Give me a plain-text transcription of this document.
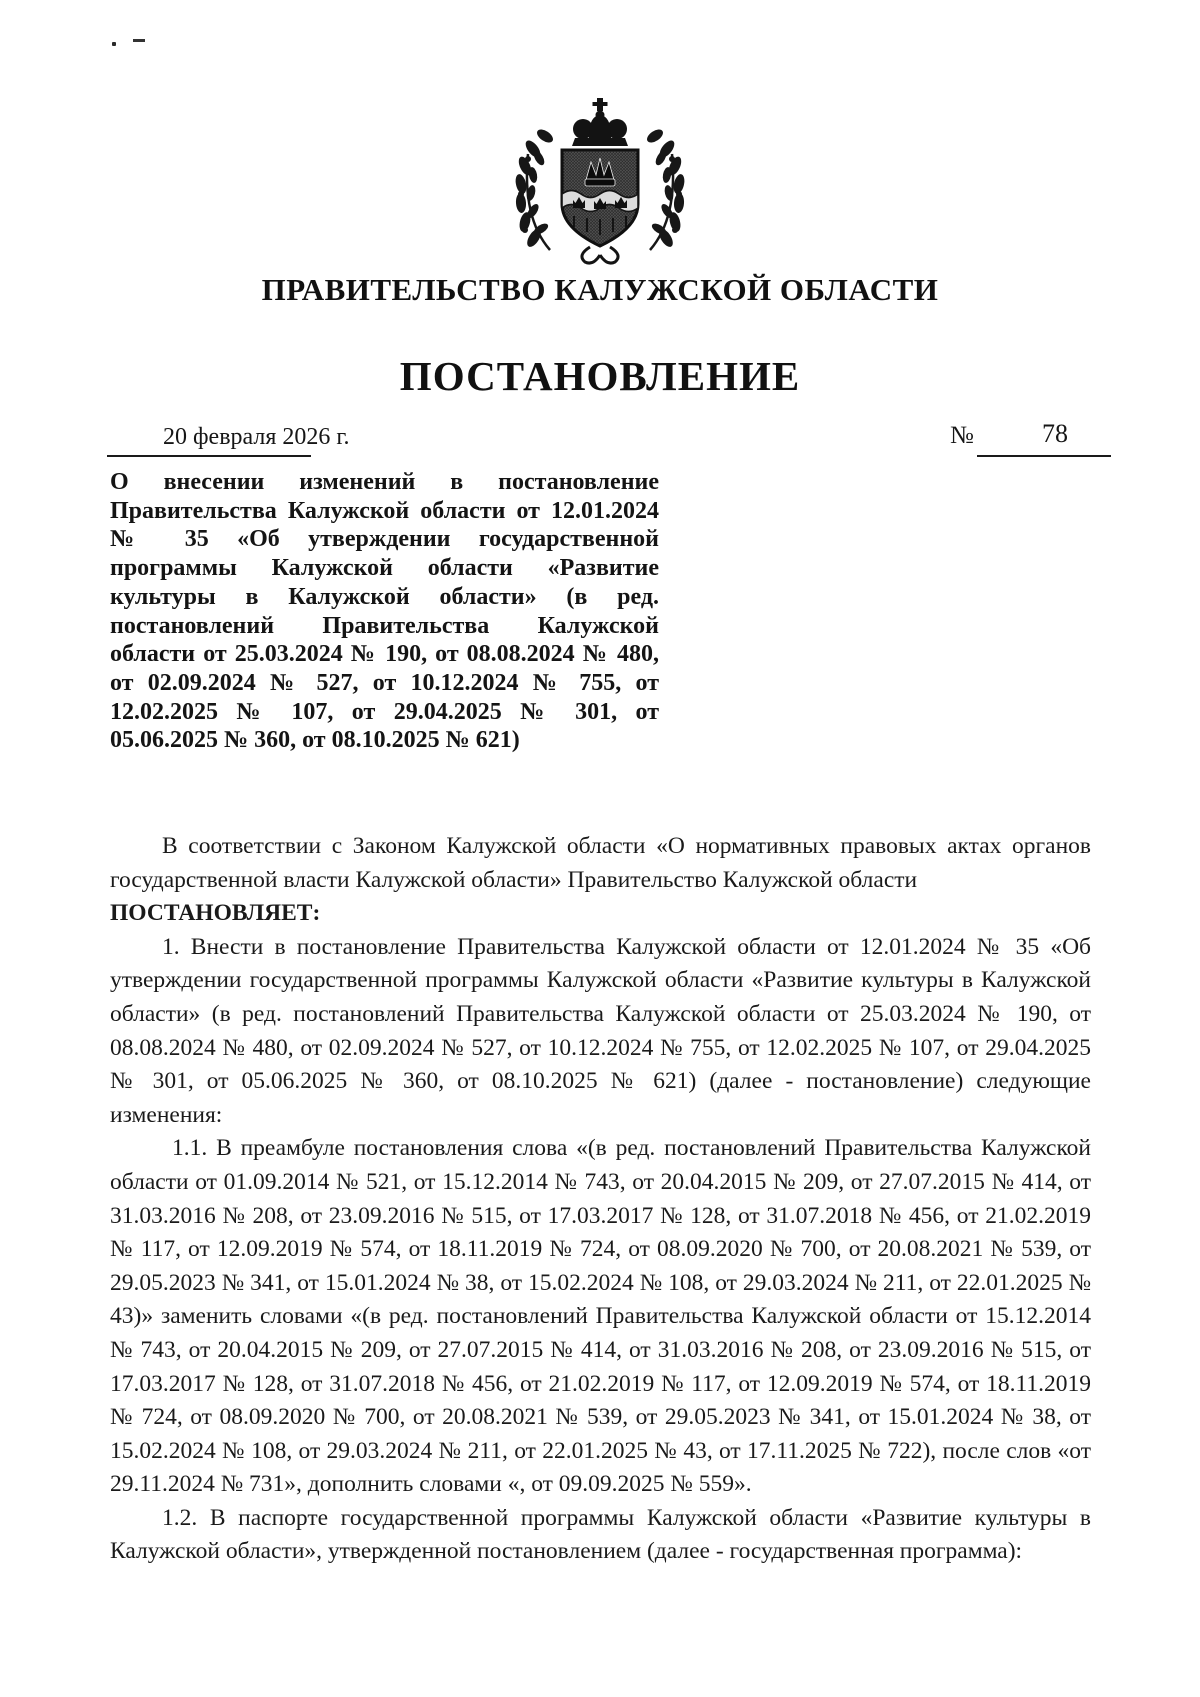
ПРАВИТЕЛЬСТВО КАЛУЖСКОЙ ОБЛАСТИ
ПОСТАНОВЛЕНИЕ
20 февраля 2026 г.	№	78
О внесении изменений в постановление Правительства Калужской области от 12.01.2024 № 35 «Об утверждении государственной программы Калужской области «Развитие культуры в Калужской области» (в ред. постановлений Правительства Калужской области от 25.03.2024 № 190, от 08.08.2024 № 480, от 02.09.2024 № 527, от 10.12.2024 № 755, от 12.02.2025 № 107, от 29.04.2025 № 301, от 05.06.2025 № 360, от 08.10.2025 № 621)

В соответствии с Законом Калужской области «О нормативных правовых актах органов государственной власти Калужской области» Правительство Калужской области

ПОСТАНОВЛЯЕТ:

1. Внести в постановление Правительства Калужской области от 12.01.2024 № 35 «Об утверждении государственной программы Калужской области «Развитие культуры в Калужской области» (в ред. постановлений Правительства Калужской области от 25.03.2024 № 190, от 08.08.2024 № 480, от 02.09.2024 № 527, от 10.12.2024 № 755, от 12.02.2025 № 107, от 29.04.2025 № 301, от 05.06.2025 № 360, от 08.10.2025 № 621) (далее - постановление) следующие изменения:

1.1. В преамбуле постановления слова «(в ред. постановлений Правительства Калужской области от 01.09.2014 № 521, от 15.12.2014 № 743, от 20.04.2015 № 209, от 27.07.2015 № 414, от 31.03.2016 № 208, от 23.09.2016 № 515, от 17.03.2017 № 128, от 31.07.2018 № 456, от 21.02.2019 № 117, от 12.09.2019 № 574, от 18.11.2019 № 724, от 08.09.2020 № 700, от 20.08.2021 № 539, от 29.05.2023 № 341, от 15.01.2024 № 38, от 15.02.2024 № 108, от 29.03.2024 № 211, от 22.01.2025 № 43)» заменить словами «(в ред. постановлений Правительства Калужской области от 15.12.2014 № 743, от 20.04.2015 № 209, от 27.07.2015 № 414, от 31.03.2016 № 208, от 23.09.2016 № 515, от 17.03.2017 № 128, от 31.07.2018 № 456, от 21.02.2019 № 117, от 12.09.2019 № 574, от 18.11.2019 № 724, от 08.09.2020 № 700, от 20.08.2021 № 539, от 29.05.2023 № 341, от 15.01.2024 № 38, от 15.02.2024 № 108, от 29.03.2024 № 211, от 22.01.2025 № 43, от 17.11.2025 № 722), после слов «от 29.11.2024 № 731», дополнить словами «, от 09.09.2025 № 559».

1.2. В паспорте государственной программы Калужской области «Развитие культуры в Калужской области», утвержденной постановлением (далее - государственная программа):
